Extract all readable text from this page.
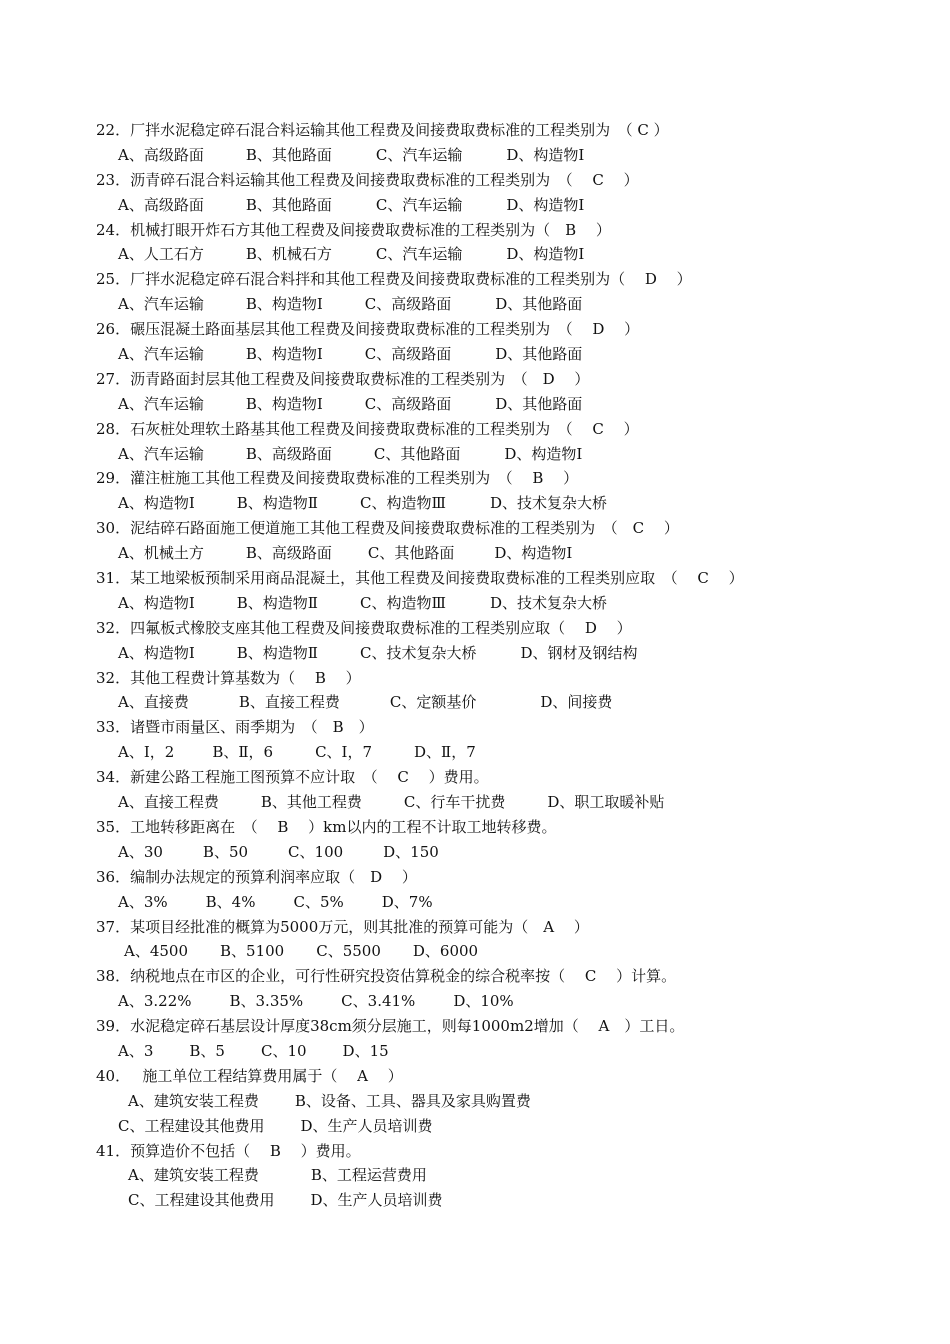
22．厂拌水泥稳定碎石混合料运输其他工程费及间接费取费标准的工程类别为　（ C ）
A、高级路面	B、其他路面	C、汽车运输	D、构造物Ⅰ
23．沥青碎石混合料运输其他工程费及间接费取费标准的工程类别为　（　 C　 ）
A、高级路面	B、其他路面	C、汽车运输	D、构造物Ⅰ
24．机械打眼开炸石方其他工程费及间接费取费标准的工程类别为（　B　 ）
A、人工石方	B、机械石方	C、汽车运输	D、构造物Ⅰ
25．厂拌水泥稳定碎石混合料拌和其他工程费及间接费取费标准的工程类别为（　 D　 ）
A、汽车运输	B、构造物Ⅰ	C、高级路面	D、其他路面
26．碾压混凝土路面基层其他工程费及间接费取费标准的工程类别为　（　 D　 ）
A、汽车运输	B、构造物Ⅰ	C、高级路面	D、其他路面
27．沥青路面封层其他工程费及间接费取费标准的工程类别为　（　D　 ）
A、汽车运输	B、构造物Ⅰ	C、高级路面	D、其他路面
28．石灰桩处理软土路基其他工程费及间接费取费标准的工程类别为　（　 C　 ）
A、汽车运输	B、高级路面	C、其他路面	D、构造物Ⅰ
29．灌注桩施工其他工程费及间接费取费标准的工程类别为　（　 B　 ）
A、构造物Ⅰ	B、构造物Ⅱ	C、构造物Ⅲ	D、技术复杂大桥
30．泥结碎石路面施工便道施工其他工程费及间接费取费标准的工程类别为　（　C　 ）
A、机械土方	B、高级路面 C、其他路面	D、构造物Ⅰ
31．某工地梁板预制采用商品混凝土，其他工程费及间接费取费标准的工程类别应取　（　 C　 ）
A、构造物Ⅰ	B、构造物Ⅱ	C、构造物Ⅲ	D、技术复杂大桥
32．四氟板式橡胶支座其他工程费及间接费取费标准的工程类别应取（　 D　 ）
A、构造物Ⅰ	B、构造物Ⅱ	C、技术复杂大桥	D、钢材及钢结构
32．其他工程费计算基数为（　 B　 ）
A、直接费	B、直接工程费	C、定额基价	D、间接费
33．诸暨市雨量区、雨季期为　（　B　）
A、Ⅰ，2	B、Ⅱ，6	C、Ⅰ，7	D、Ⅱ，7
34．新建公路工程施工图预算不应计取　（　 C　 ）费用。
A、直接工程费	B、其他工程费	C、行车干扰费	D、职工取暖补贴
35．工地转移距离在　（　 B　 ）km以内的工程不计取工地转移费。
A、30	B、50	C、100	D、150
36．编制办法规定的预算利润率应取（　D　 ）
A、3%	B、4%	C、5%	D、7%
37．某项目经批准的概算为5000万元，则其批准的预算可能为（　A　 ）
A、4500 B、5100 C、5500 D、6000
38．纳税地点在市区的企业，可行性研究投资估算税金的综合税率按（　 C　 ）计算。
A、3.22%	B、3.35%	C、3.41%	D、10%
39．水泥稳定碎石基层设计厚度38cm须分层施工，则每1000m2增加（　 A　）工日。
A、3 B、5 C、10 D、15
40．　 施工单位工程结算费用属于（　 A　 ）
A、建筑安装工程费 B、设备、工具、器具及家具购置费
C、工程建设其他费用 D、生产人员培训费
41．预算造价不包括（　 B　 ）费用。
A、建筑安装工程费	B、工程运营费用
C、工程建设其他费用 D、生产人员培训费
